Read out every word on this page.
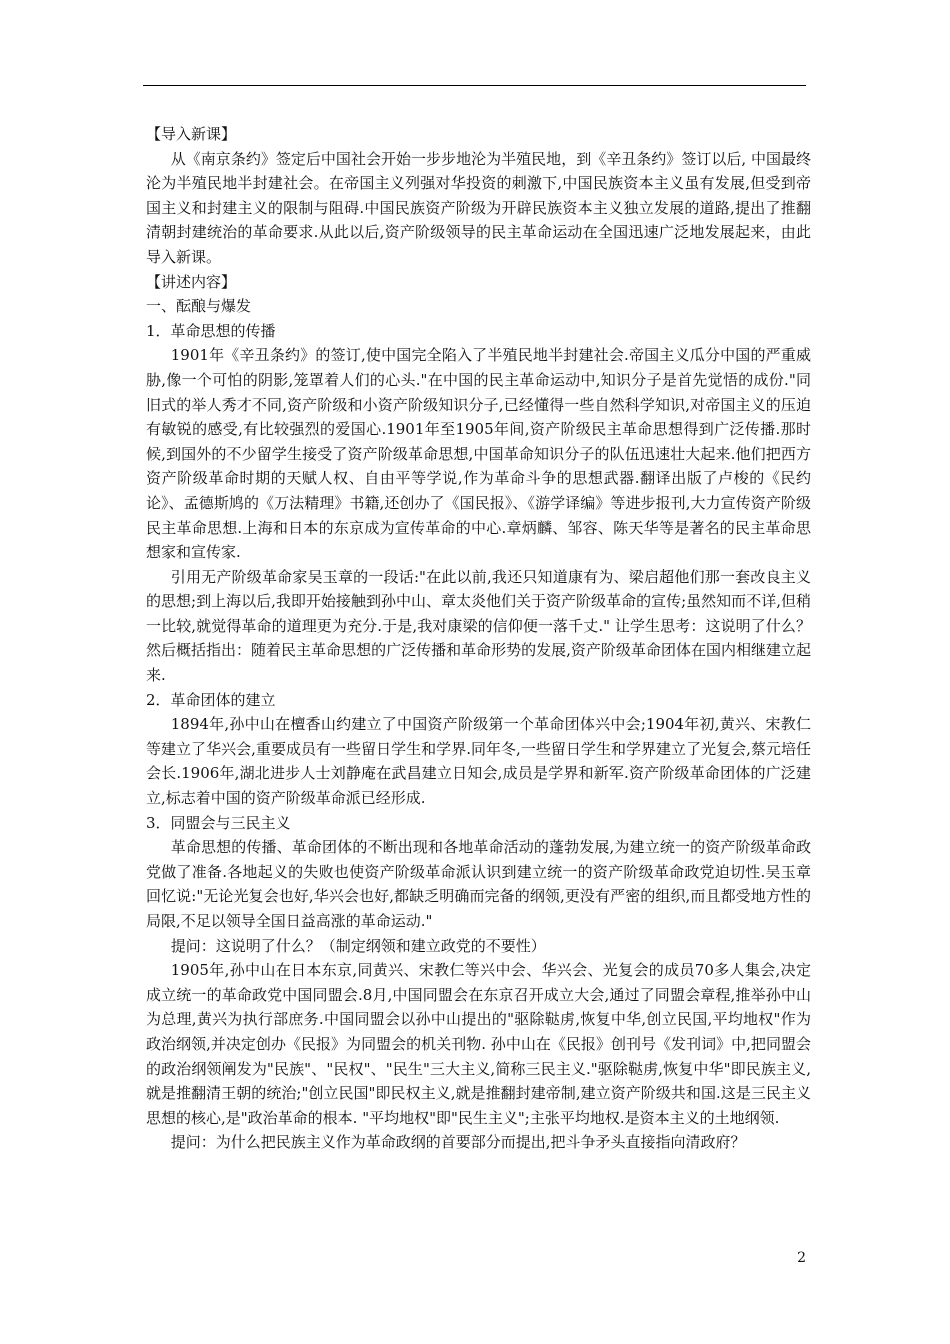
【导入新课】

从《南京条约》签定后中国社会开始一步步地沦为半殖民地，到《辛丑条约》签订以后, 中国最终沦为半殖民地半封建社会。在帝国主义列强对华投资的刺激下,中国民族资本主义虽有发展,但受到帝国主义和封建主义的限制与阻碍.中国民族资产阶级为开辟民族资本主义独立发展的道路,提出了推翻清朝封建统治的革命要求.从此以后,资产阶级领导的民主革命运动在全国迅速广泛地发展起来，由此导入新课。

【讲述内容】

一、酝酿与爆发

1．革命思想的传播

1901年《辛丑条约》的签订,使中国完全陷入了半殖民地半封建社会.帝国主义瓜分中国的严重威胁,像一个可怕的阴影,笼罩着人们的心头."在中国的民主革命运动中,知识分子是首先觉悟的成份."同旧式的举人秀才不同,资产阶级和小资产阶级知识分子,已经懂得一些自然科学知识,对帝国主义的压迫有敏锐的感受,有比较强烈的爱国心.1901年至1905年间,资产阶级民主革命思想得到广泛传播.那时候,到国外的不少留学生接受了资产阶级革命思想,中国革命知识分子的队伍迅速壮大起来.他们把西方资产阶级革命时期的天赋人权、自由平等学说,作为革命斗争的思想武器.翻译出版了卢梭的《民约论》、孟德斯鸠的《万法精理》书籍,还创办了《国民报》、《游学译编》等进步报刊,大力宣传资产阶级民主革命思想.上海和日本的东京成为宣传革命的中心.章炳麟、邹容、陈天华等是著名的民主革命思想家和宣传家.

引用无产阶级革命家吴玉章的一段话:"在此以前,我还只知道康有为、梁启超他们那一套改良主义的思想;到上海以后,我即开始接触到孙中山、章太炎他们关于资产阶级革命的宣传;虽然知而不详,但稍一比较,就觉得革命的道理更为充分.于是,我对康梁的信仰便一落千丈." 让学生思考：这说明了什么？然后概括指出：随着民主革命思想的广泛传播和革命形势的发展,资产阶级革命团体在国内相继建立起来.

2．革命团体的建立

1894年,孙中山在檀香山约建立了中国资产阶级第一个革命团体兴中会;1904年初,黄兴、宋教仁等建立了华兴会,重要成员有一些留日学生和学界.同年冬,一些留日学生和学界建立了光复会,蔡元培任会长.1906年,湖北进步人士刘静庵在武昌建立日知会,成员是学界和新军.资产阶级革命团体的广泛建立,标志着中国的资产阶级革命派已经形成.

3．同盟会与三民主义

革命思想的传播、革命团体的不断出现和各地革命活动的蓬勃发展,为建立统一的资产阶级革命政党做了准备.各地起义的失败也使资产阶级革命派认识到建立统一的资产阶级革命政党迫切性.吴玉章回忆说:"无论光复会也好,华兴会也好,都缺乏明确而完备的纲领,更没有严密的组织,而且都受地方性的局限,不足以领导全国日益高涨的革命运动."

提问：这说明了什么？（制定纲领和建立政党的不要性）

1905年,孙中山在日本东京,同黄兴、宋教仁等兴中会、华兴会、光复会的成员70多人集会,决定成立统一的革命政党中国同盟会.8月,中国同盟会在东京召开成立大会,通过了同盟会章程,推举孙中山为总理,黄兴为执行部庶务.中国同盟会以孙中山提出的"驱除鞑虏,恢复中华,创立民国,平均地权"作为政治纲领,并决定创办《民报》为同盟会的机关刊物. 孙中山在《民报》创刊号《发刊词》中,把同盟会的政治纲领阐发为"民族"、"民权"、"民生"三大主义,简称三民主义."驱除鞑虏,恢复中华"即民族主义,就是推翻清王朝的统治;"创立民国"即民权主义,就是推翻封建帝制,建立资产阶级共和国.这是三民主义思想的核心,是"政治革命的根本. "平均地权"即"民生主义";主张平均地权.是资本主义的土地纲领.

提问：为什么把民族主义作为革命政纲的首要部分而提出,把斗争矛头直接指向清政府？

2
